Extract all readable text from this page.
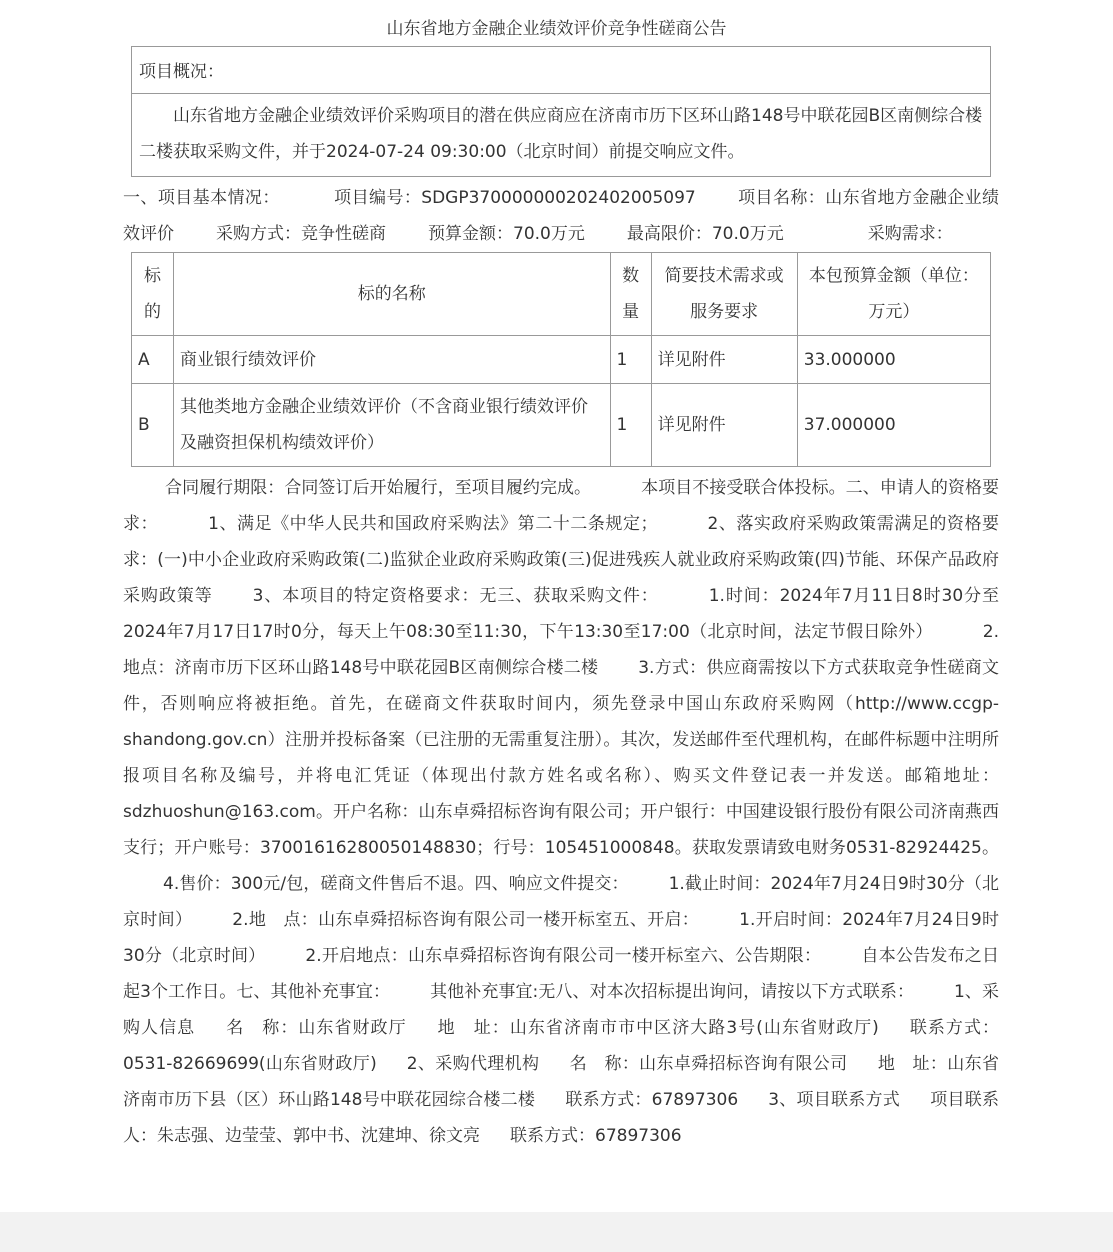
山东省地方金融企业绩效评价竞争性磋商公告
项目概况：
山东省地方金融企业绩效评价采购项目的潜在供应商应在济南市历下区环山路148号中联花园B区南侧综合楼二楼获取采购文件，并于2024-07-24 09:30:00（北京时间）前提交响应文件。
一、项目基本情况：	项目编号：SDGP370000000202402005097 项目名称：山东省地方金融企业绩效评价 采购方式：竞争性磋商 预算金额：70.0万元 最高限价：70.0万元	采购需求：
标的	标的名称	数量	简要技术需求或服务要求	本包预算金额（单位：万元）
A	商业银行绩效评价	1	详见附件	33.000000
B	其他类地方金融企业绩效评价（不含商业银行绩效评价及融资担保机构绩效评价）	1	详见附件	37.000000
合同履行期限：合同签订后开始履行，至项目履约完成。	本项目不接受联合体投标。二、申请人的资格要求：	1、满足《中华人民共和国政府采购法》第二十二条规定；	2、落实政府采购政策需满足的资格要求：(一)中小企业政府采购政策(二)监狱企业政府采购政策(三)促进残疾人就业政府采购政策(四)节能、环保产品政府采购政策等 3、本项目的特定资格要求：无三、获取采购文件：	1.时间：2024年7月11日8时30分至2024年7月17日17时0分，每天上午08:30至11:30，下午13:30至17:00（北京时间，法定节假日除外）	2.地点：济南市历下区环山路148号中联花园B区南侧综合楼二楼 3.方式：供应商需按以下方式获取竞争性磋商文件，否则响应将被拒绝。首先，在磋商文件获取时间内，须先登录中国山东政府采购网（http://www.ccgp-shandong.gov.cn）注册并投标备案（已注册的无需重复注册）。其次，发送邮件至代理机构，在邮件标题中注明所报项目名称及编号，并将电汇凭证（体现出付款方姓名或名称）、购买文件登记表一并发送。邮箱地址：sdzhuoshun@163.com。开户名称：山东卓舜招标咨询有限公司；开户银行：中国建设银行股份有限公司济南燕西支行；开户账号：37001616280050148830；行号：105451000848。获取发票请致电财务0531-82924425。4.售价：300元/包，磋商文件售后不退。四、响应文件提交： 1.截止时间：2024年7月24日9时30分（北京时间） 2.地　点：山东卓舜招标咨询有限公司一楼开标室五、开启： 1.开启时间：2024年7月24日9时30分（北京时间） 2.开启地点：山东卓舜招标咨询有限公司一楼开标室六、公告期限： 自本公告发布之日起3个工作日。七、其他补充事宜： 其他补充事宜:无八、对本次招标提出询问，请按以下方式联系： 1、采购人信息 名　称：山东省财政厅 地　址：山东省济南市市中区济大路3号(山东省财政厅) 联系方式：0531-82669699(山东省财政厅) 2、采购代理机构 名　称：山东卓舜招标咨询有限公司 地　址：山东省济南市历下县（区）环山路148号中联花园综合楼二楼 联系方式：67897306 3、项目联系方式 项目联系人：朱志强、边莹莹、郭中书、沈建坤、徐文亮 联系方式：67897306
